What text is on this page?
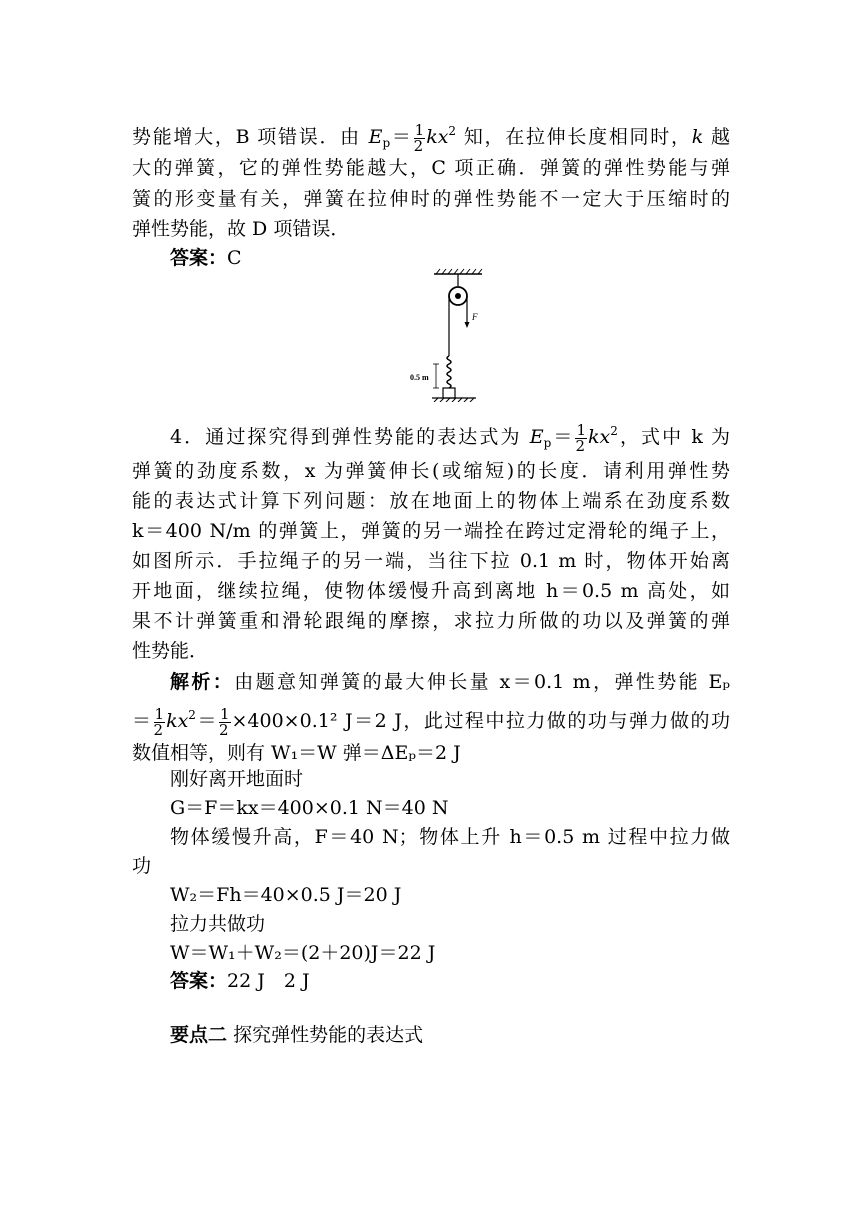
势能增大，B 项错误．由 $E_p= \frac{1}{2} kx^2$ 知，在拉伸长度相同时，k 越
大的弹簧，它的弹性势能越大，C 项正确．弹簧的弹性势能与弹
簧的形变量有关，弹簧在拉伸时的弹性势能不一定大于压缩时的
弹性势能，故 D 项错误．
答案：C
F
0.5 m
4．通过探究得到弹性势能的表达式为 $E_p= \frac{1}{2} kx^2$，式中 k 为
弹簧的劲度系数，x 为弹簧伸长(或缩短)的长度．请利用弹性势
能的表达式计算下列问题：放在地面上的物体上端系在劲度系数
k＝400 N/m 的弹簧上，弹簧的另一端拴在跨过定滑轮的绳子上，
如图所示．手拉绳子的另一端，当往下拉 0.1 m 时，物体开始离
开地面，继续拉绳，使物体缓慢升高到离地 h＝0.5 m 高处，如
果不计弹簧重和滑轮跟绳的摩擦，求拉力所做的功以及弹簧的弹
性势能．
解析：由题意知弹簧的最大伸长量 x＝0.1 m，弹性势能 Eₚ
＝ $\frac{1}{2} kx^2= \frac{1}{2} \times 400\times 0.1^2$ J＝2 J，此过程中拉力做的功与弹力做的功
数值相等，则有 W₁＝W 弹＝ΔEₚ＝2 J
刚好离开地面时
G＝F＝kx＝400×0.1 N＝40 N
物体缓慢升高，F＝40 N；物体上升 h＝0.5 m 过程中拉力做
功
W₂＝Fh＝40×0.5 J＝20 J
拉力共做功
W＝W₁＋W₂＝(2＋20)J＝22 J
答案：22 J　2 J
要点二 探究弹性势能的表达式
